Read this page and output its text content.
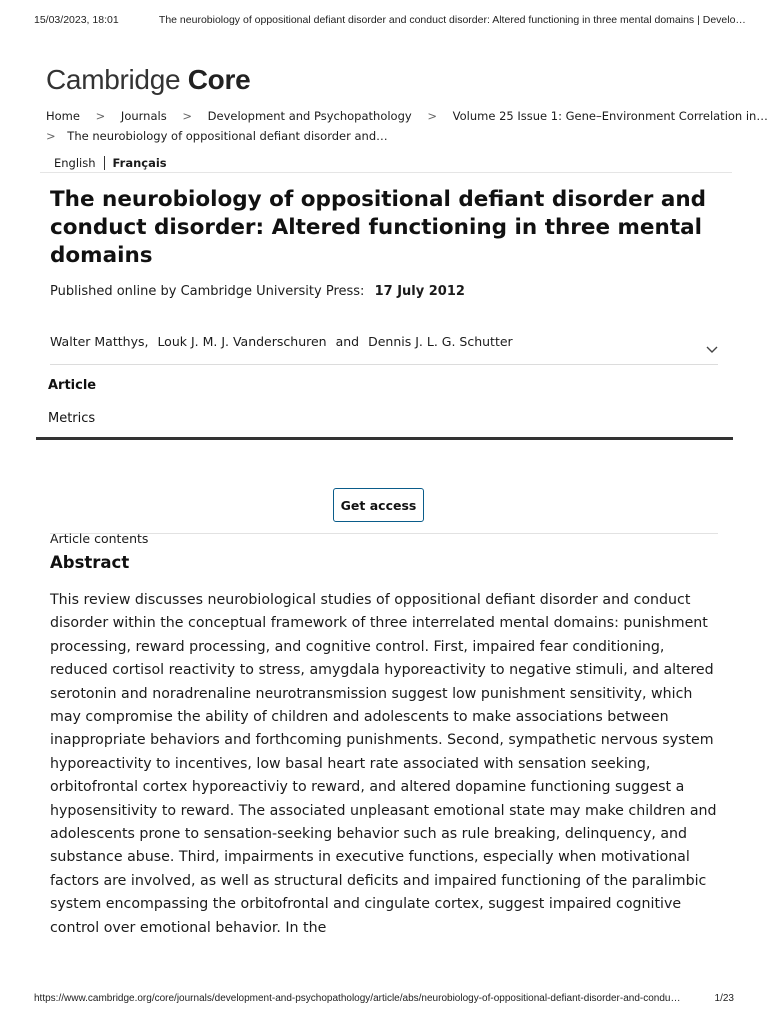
15/03/2023, 18:01	The neurobiology of oppositional defiant disorder and conduct disorder: Altered functioning in three mental domains | Develo…
Cambridge Core
Home > Journals > Development and Psychopathology > Volume 25 Issue 1: Gene–Environment Correlation in…
> The neurobiology of oppositional defiant disorder and…
English	Français
The neurobiology of oppositional defiant disorder and conduct disorder: Altered functioning in three mental domains
Published online by Cambridge University Press: 17 July 2012
Walter Matthys, Louk J. M. J. Vanderschuren and Dennis J. L. G. Schutter
Article
Metrics
Get access
Article contents
Abstract

This review discusses neurobiological studies of oppositional defiant disorder and conduct disorder within the conceptual framework of three interrelated mental domains: punishment processing, reward processing, and cognitive control. First, impaired fear conditioning, reduced cortisol reactivity to stress, amygdala hyporeactivity to negative stimuli, and altered serotonin and noradrenaline neurotransmission suggest low punishment sensitivity, which may compromise the ability of children and adolescents to make associations between inappropriate behaviors and forthcoming punishments. Second, sympathetic nervous system hyporeactivity to incentives, low basal heart rate associated with sensation seeking, orbitofrontal cortex hyporeactiviy to reward, and altered dopamine functioning suggest a hyposensitivity to reward. The associated unpleasant emotional state may make children and adolescents prone to sensation-seeking behavior such as rule breaking, delinquency, and substance abuse. Third, impairments in executive functions, especially when motivational factors are involved, as well as structural deficits and impaired functioning of the paralimbic system encompassing the orbitofrontal and cingulate cortex, suggest impaired cognitive control over emotional behavior. In the

https://www.cambridge.org/core/journals/development-and-psychopathology/article/abs/neurobiology-of-oppositional-defiant-disorder-and-condu…	1/23
